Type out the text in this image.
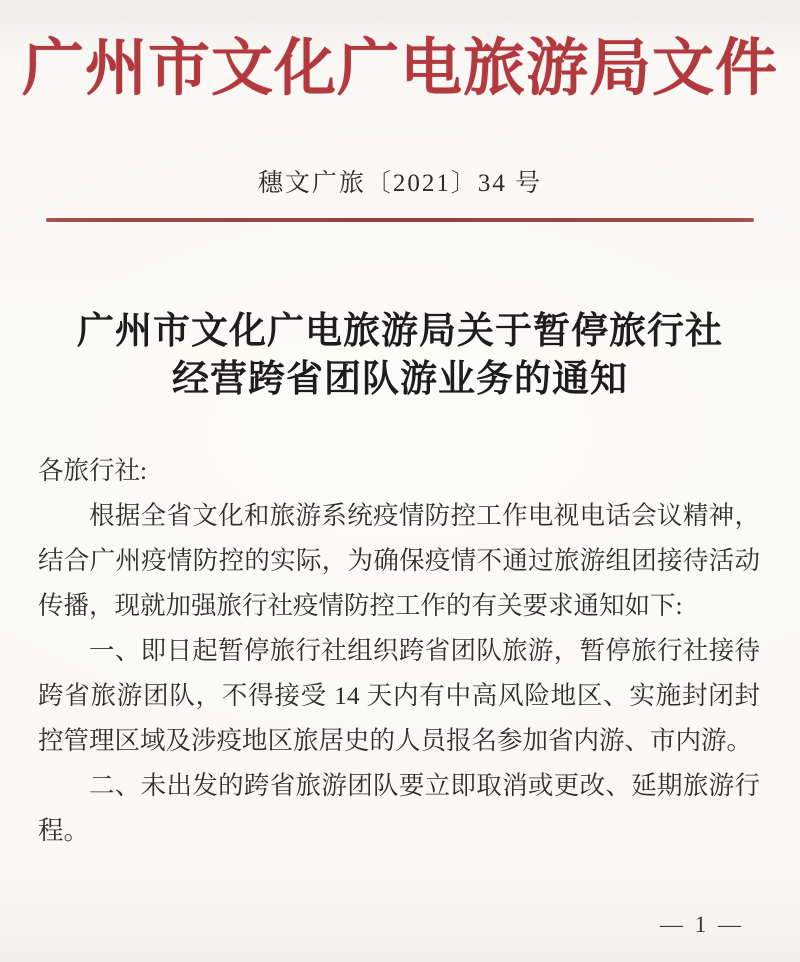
广州市文化广电旅游局文件
穗文广旅〔2021〕34 号
广州市文化广电旅游局关于暂停旅行社
经营跨省团队游业务的通知

各旅行社:

根据全省文化和旅游系统疫情防控工作电视电话会议精神，结合广州疫情防控的实际，为确保疫情不通过旅游组团接待活动传播，现就加强旅行社疫情防控工作的有关要求通知如下:

一、即日起暂停旅行社组织跨省团队旅游，暂停旅行社接待跨省旅游团队，不得接受 14 天内有中高风险地区、实施封闭封控管理区域及涉疫地区旅居史的人员报名参加省内游、市内游。

二、未出发的跨省旅游团队要立即取消或更改、延期旅游行程。

— 1 —
